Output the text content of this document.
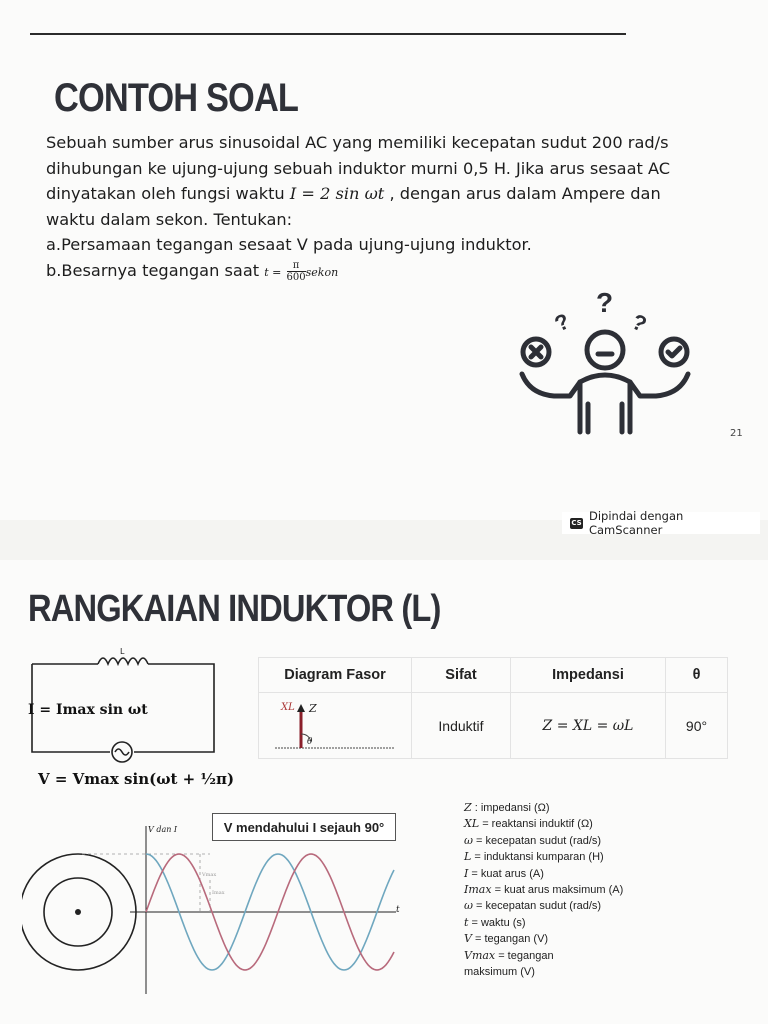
CONTOH SOAL

Sebuah sumber arus sinusoidal AC yang memiliki kecepatan sudut 200 rad/s

dihubungan ke ujung-ujung sebuah induktor murni 0,5 H. Jika arus sesaat AC

dinyatakan oleh fungsi waktu I = 2 sin ωt , dengan arus dalam Ampere dan

waktu dalam sekon. Tentukan:

a.Persamaan tegangan sesaat V pada ujung-ujung induktor.

b.Besarnya tegangan saat $t = \frac{\pi}{600}$ sekon

?
? ?
21
CS Dipindai dengan CamScanner
RANGKAIAN INDUKTOR (L)
L
I = Imax sin ωt
V = Vmax sin(ωt + ½π)
Diagram Fasor	Sifat	Impedansi	θ

XL Z
θ	Induktif	Z = XL = ωL	90°
V dan I
t
Vmax
Imax
V mendahului I sejauh 90°
Z : impedansi (Ω)
XL = reaktansi induktif (Ω)
ω = kecepatan sudut (rad/s)
L = induktansi kumparan (H)
I = kuat arus (A)
Imax = kuat arus maksimum (A)
ω = kecepatan sudut (rad/s)
t = waktu (s)
V = tegangan (V)
Vmax = tegangan
maksimum (V)
